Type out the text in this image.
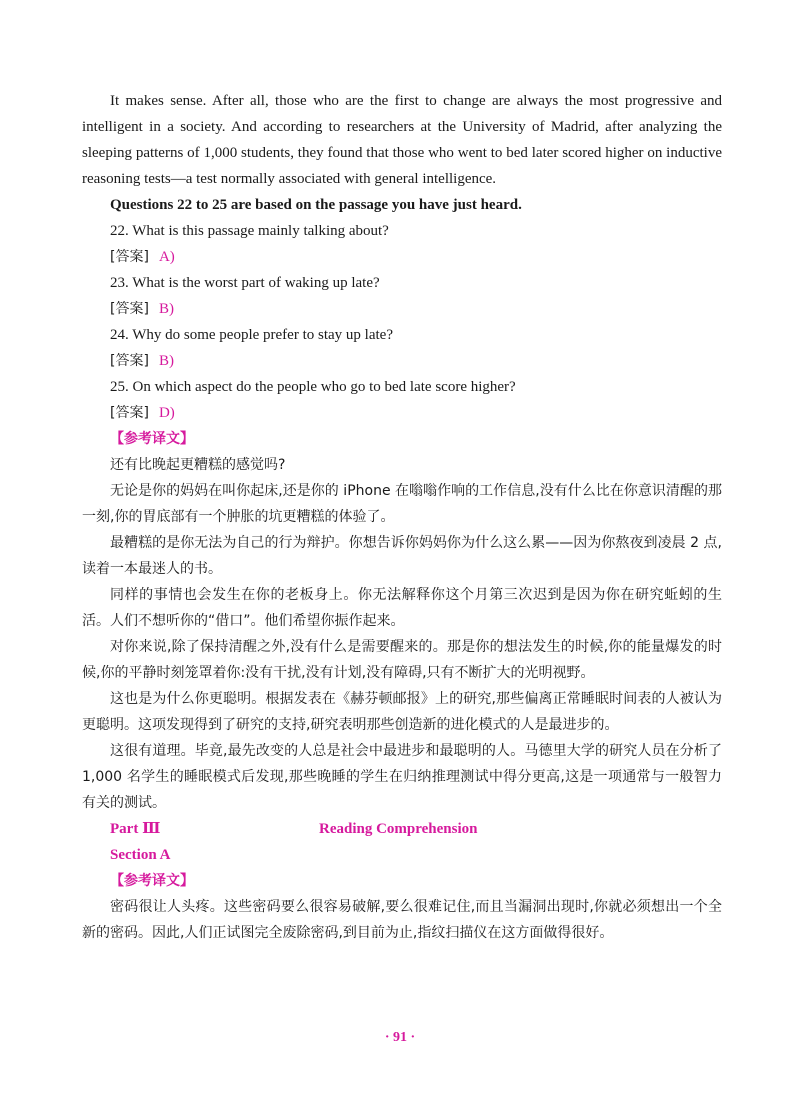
It makes sense. After all, those who are the first to change are always the most progressive and intelligent in a society. And according to researchers at the University of Madrid, after analyzing the sleeping patterns of 1,000 students, they found that those who went to bed later scored higher on inductive reasoning tests—a test normally associated with general intelligence.

Questions 22 to 25 are based on the passage you have just heard.

22. What is this passage mainly talking about?

[答案] A)

23. What is the worst part of waking up late?

[答案] B)

24. Why do some people prefer to stay up late?

[答案] B)

25. On which aspect do the people who go to bed late score higher?

[答案] D)

【参考译文】

还有比晚起更糟糕的感觉吗?

无论是你的妈妈在叫你起床,还是你的 iPhone 在嗡嗡作响的工作信息,没有什么比在你意识清醒的那一刻,你的胃底部有一个肿胀的坑更糟糕的体验了。

最糟糕的是你无法为自己的行为辩护。你想告诉你妈妈你为什么这么累——因为你熬夜到凌晨 2 点,读着一本最迷人的书。

同样的事情也会发生在你的老板身上。你无法解释你这个月第三次迟到是因为你在研究蚯蚓的生活。人们不想听你的“借口”。他们希望你振作起来。

对你来说,除了保持清醒之外,没有什么是需要醒来的。那是你的想法发生的时候,你的能量爆发的时候,你的平静时刻笼罩着你:没有干扰,没有计划,没有障碍,只有不断扩大的光明视野。

这也是为什么你更聪明。根据发表在《赫芬顿邮报》上的研究,那些偏离正常睡眠时间表的人被认为更聪明。这项发现得到了研究的支持,研究表明那些创造新的进化模式的人是最进步的。

这很有道理。毕竟,最先改变的人总是社会中最进步和最聪明的人。马德里大学的研究人员在分析了 1,000 名学生的睡眠模式后发现,那些晚睡的学生在归纳推理测试中得分更高,这是一项通常与一般智力有关的测试。

Part Ⅲ	Reading Comprehension

Section A

【参考译文】

密码很让人头疼。这些密码要么很容易破解,要么很难记住,而且当漏洞出现时,你就必须想出一个全新的密码。因此,人们正试图完全废除密码,到目前为止,指纹扫描仪在这方面做得很好。

· 91 ·
